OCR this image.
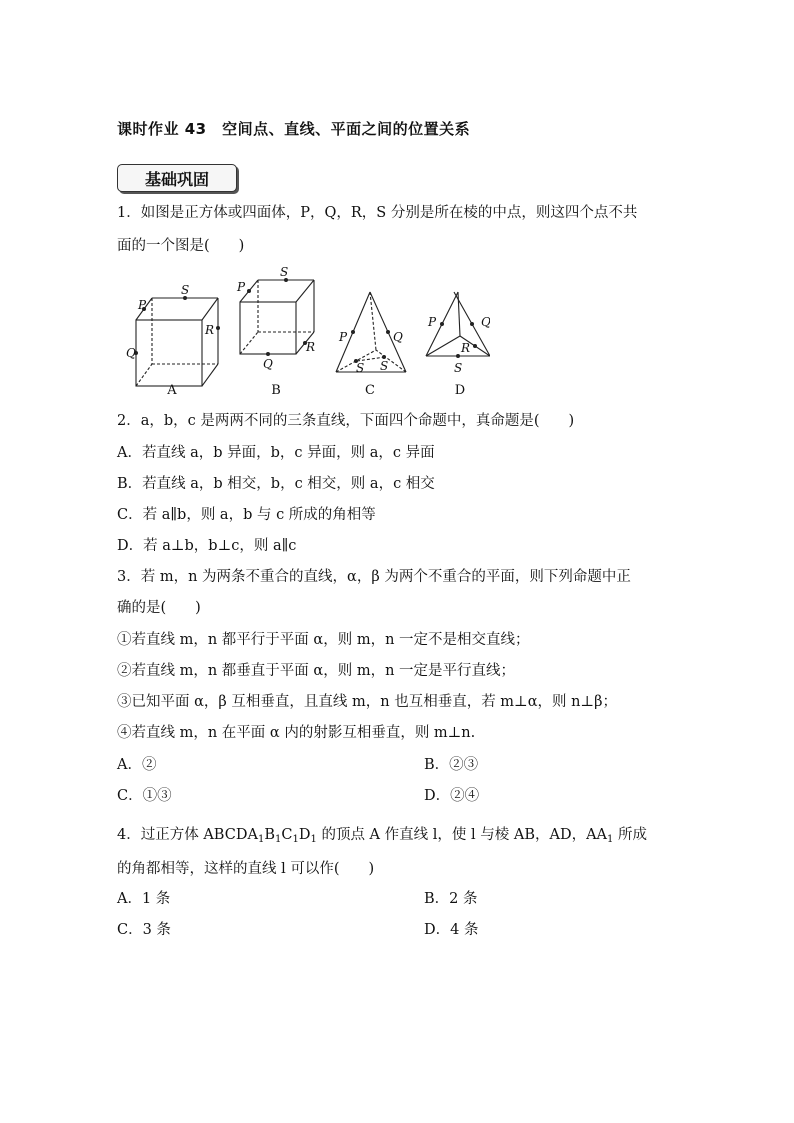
课时作业 43　空间点、直线、平面之间的位置关系
基础巩固
1．如图是正方体或四面体，P，Q，R，S 分别是所在棱的中点，则这四个点不共
面的一个图是(　　)
P
S
R
Q
P
S
R
Q
P	Q
S S
P	Q
R
S
A	B	C	D
2．a，b，c 是两两不同的三条直线，下面四个命题中，真命题是(　　)
A．若直线 a，b 异面，b，c 异面，则 a，c 异面
B．若直线 a，b 相交，b，c 相交，则 a，c 相交
C．若 a∥b，则 a，b 与 c 所成的角相等
D．若 a⊥b，b⊥c，则 a∥c
3．若 m，n 为两条不重合的直线，α，β 为两个不重合的平面，则下列命题中正
确的是(　　)
①若直线 m，n 都平行于平面 α，则 m，n 一定不是相交直线；
②若直线 m，n 都垂直于平面 α，则 m，n 一定是平行直线；
③已知平面 α，β 互相垂直，且直线 m，n 也互相垂直，若 m⊥α，则 n⊥β；
④若直线 m，n 在平面 α 内的射影互相垂直，则 m⊥n.
A．②	B．②③
C．①③	D．②④
4．过正方体 $ABCDA_1B_1C_1D_1$ 的顶点 A 作直线 l，使 l 与棱 AB，AD，$AA_1$ 所成
的角都相等，这样的直线 l 可以作(　　)
A．1 条	B．2 条
C．3 条	D．4 条
